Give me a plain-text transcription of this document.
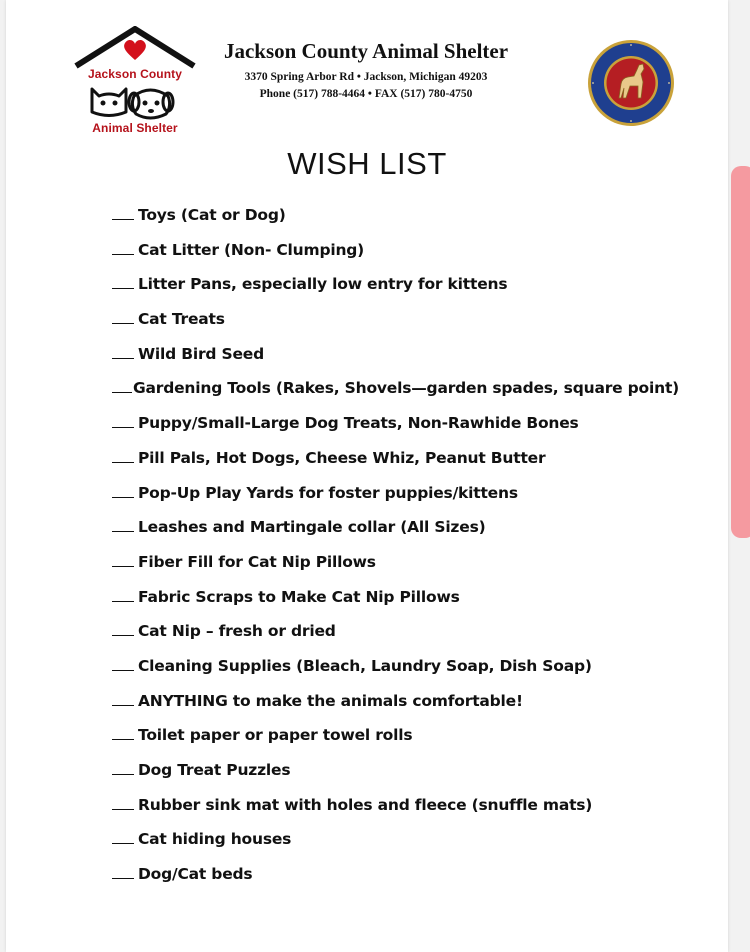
Jackson County
Animal Shelter
Jackson County Animal Shelter
3370 Spring Arbor Rd • Jackson, Michigan 49203
Phone (517) 788-4464 • FAX (517) 780-4750
WISH LIST
Toys (Cat or Dog)
Cat Litter (Non- Clumping)
Litter Pans, especially low entry for kittens
Cat Treats
Wild Bird Seed
Gardening Tools (Rakes, Shovels—garden spades, square point)
Puppy/Small-Large Dog Treats, Non-Rawhide Bones
Pill Pals, Hot Dogs, Cheese Whiz, Peanut Butter
Pop-Up Play Yards for foster puppies/kittens
Leashes and Martingale collar (All Sizes)
Fiber Fill for Cat Nip Pillows
Fabric Scraps to Make Cat Nip Pillows
Cat Nip – fresh or dried
Cleaning Supplies (Bleach, Laundry Soap, Dish Soap)
ANYTHING to make the animals comfortable!
Toilet paper or paper towel rolls
Dog Treat Puzzles
Rubber sink mat with holes and fleece (snuffle mats)
Cat hiding houses
Dog/Cat beds
